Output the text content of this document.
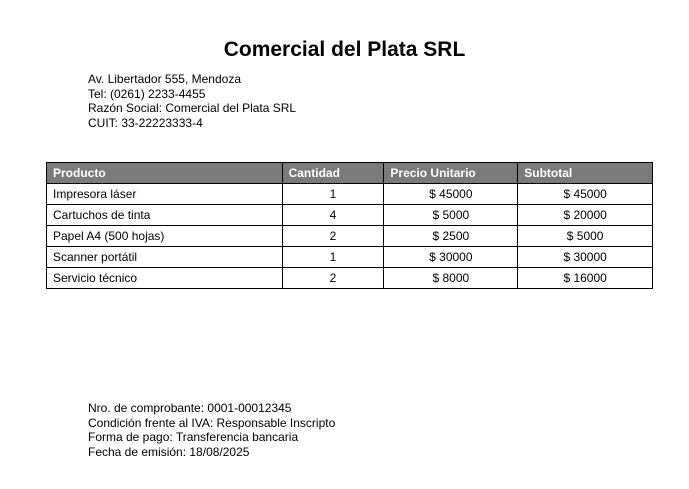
Comercial del Plata SRL
Av. Libertador 555, Mendoza
Tel: (0261) 2233-4455
Razón Social: Comercial del Plata SRL
CUIT: 33-22223333-4
Producto	Cantidad	Precio Unitario	Subtotal
Impresora láser	1	$ 45000	$ 45000
Cartuchos de tinta	4	$ 5000	$ 20000
Papel A4 (500 hojas)	2	$ 2500	$ 5000
Scanner portátil	1	$ 30000	$ 30000
Servicio técnico	2	$ 8000	$ 16000
Nro. de comprobante: 0001-00012345
Condición frente al IVA: Responsable Inscripto
Forma de pago: Transferencia bancaria
Fecha de emisión: 18/08/2025
